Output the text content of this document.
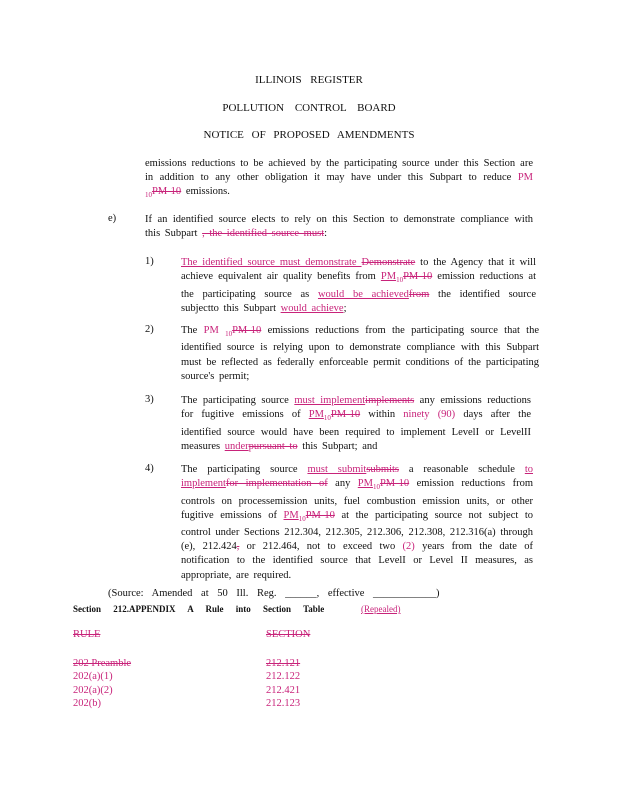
ILLINOIS REGISTER
POLLUTION CONTROL BOARD
NOTICE OF PROPOSED AMENDMENTS
emissions reductions to be achieved by the participating source under this Section are in addition to any other obligation it may have under this Subpart to reduce PM $_{10}$PM-10 emissions.
e)	If an identified source elects to rely on this Section to demonstrate compliance with this Subpart , the identified source must:
1)	The identified source must demonstrate Demonstrate to the Agency that it will achieve equivalent air quality benefits from $PM_{10}PM-10$ emission reductions at the participating source as would be achievedfrom the identified source subjectto this Subpart would achieve;
2)	The PM $_{10}$PM-10 emissions reductions from the participating source that the identified source is relying upon to demonstrate compliance with this Subpart must be reflected as federally enforceable permit conditions of the participating source's permit;
3)	The participating source must implementimplements any emissions reductions for fugitive emissions of $PM_{10}PM-10$ within ninety (90) days after the identified source would have been required to implement LevelI or LevelII measures underpursuant to this Subpart; and
4)	The participating source must submitsubmits a reasonable schedule to implementfor implementation of any $PM_{10}PM-10$ emission reductions from controls on processemission units, fuel combustion emission units, or other fugitive emissions of $PM_{10}PM-10$ at the participating source not subject to control under Sections 212.304, 212.305, 212.306, 212.308, 212.316(a) through (e), 212.424, or 212.464, not to exceed two (2) years from the date of notification to the identified source that LevelI or Level II measures, as appropriate, are required.
(Source: Amended at 50 Ill. Reg. ______, effective ____________)
Section 212.APPENDIX A Rule into Section Table	(Repealed)
RULE	SECTION
202 Preamble	212.121
202(a)(1)	212.122
202(a)(2)	212.421
202(b)	212.123
